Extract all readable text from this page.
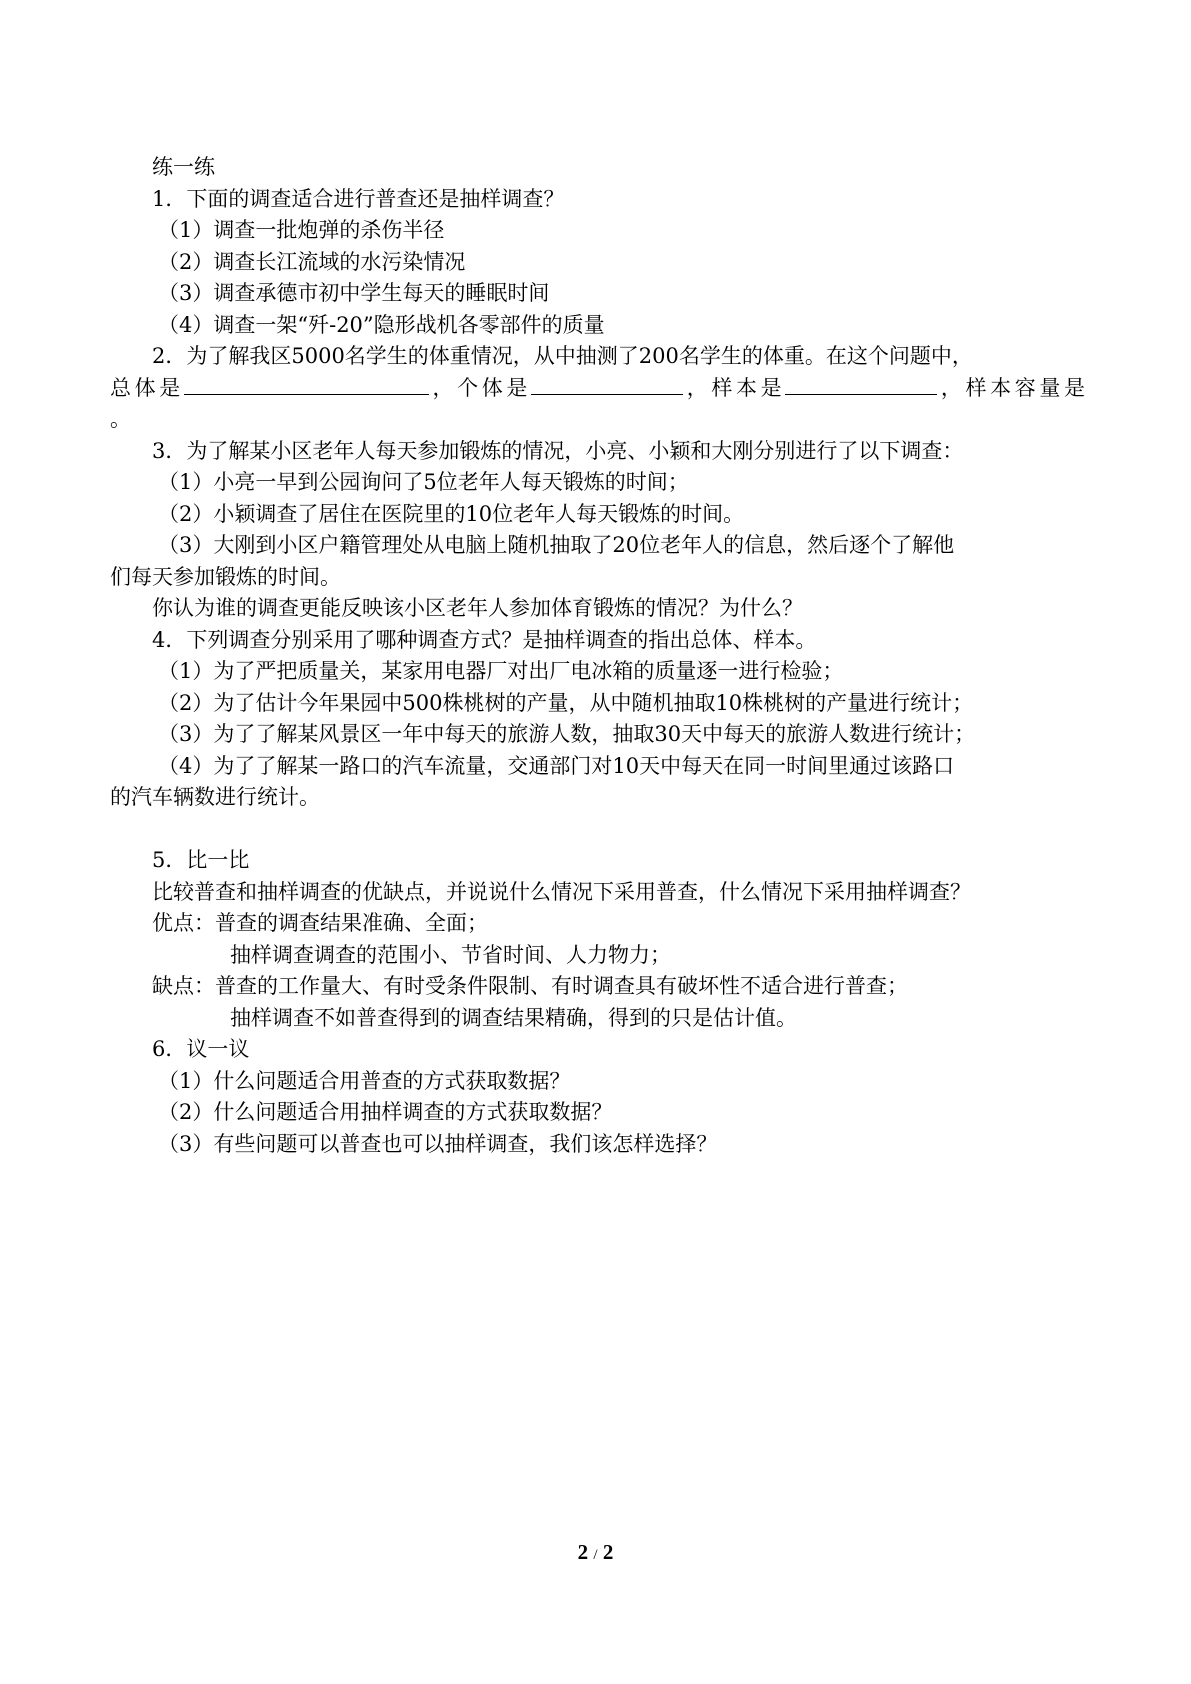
练一练
1．下面的调查适合进行普查还是抽样调查？
（1）调查一批炮弹的杀伤半径
（2）调查长江流域的水污染情况
（3）调查承德市初中学生每天的睡眠时间
（4）调查一架“歼-20”隐形战机各零部件的质量
2．为了解我区5000名学生的体重情况，从中抽测了200名学生的体重。在这个问题中，
总体是	，个体是	，样本是	，样本容量是
。
3．为了解某小区老年人每天参加锻炼的情况，小亮、小颖和大刚分别进行了以下调查：
（1）小亮一早到公园询问了5位老年人每天锻炼的时间；
（2）小颖调查了居住在医院里的10位老年人每天锻炼的时间。
（3）大刚到小区户籍管理处从电脑上随机抽取了20位老年人的信息，然后逐个了解他
们每天参加锻炼的时间。
你认为谁的调查更能反映该小区老年人参加体育锻炼的情况？为什么？
4．下列调查分别采用了哪种调查方式？是抽样调查的指出总体、样本。
（1）为了严把质量关，某家用电器厂对出厂电冰箱的质量逐一进行检验；
（2）为了估计今年果园中500株桃树的产量，从中随机抽取10株桃树的产量进行统计；
（3）为了了解某风景区一年中每天的旅游人数，抽取30天中每天的旅游人数进行统计；
（4）为了了解某一路口的汽车流量，交通部门对10天中每天在同一时间里通过该路口
的汽车辆数进行统计。
5．比一比
比较普查和抽样调查的优缺点，并说说什么情况下采用普查，什么情况下采用抽样调查？
优点：普查的调查结果准确、全面；
抽样调查调查的范围小、节省时间、人力物力；
缺点：普查的工作量大、有时受条件限制、有时调查具有破坏性不适合进行普查；
抽样调查不如普查得到的调查结果精确，得到的只是估计值。
6．议一议
（1）什么问题适合用普查的方式获取数据？
（2）什么问题适合用抽样调查的方式获取数据？
（3）有些问题可以普查也可以抽样调查，我们该怎样选择？
2 / 2
